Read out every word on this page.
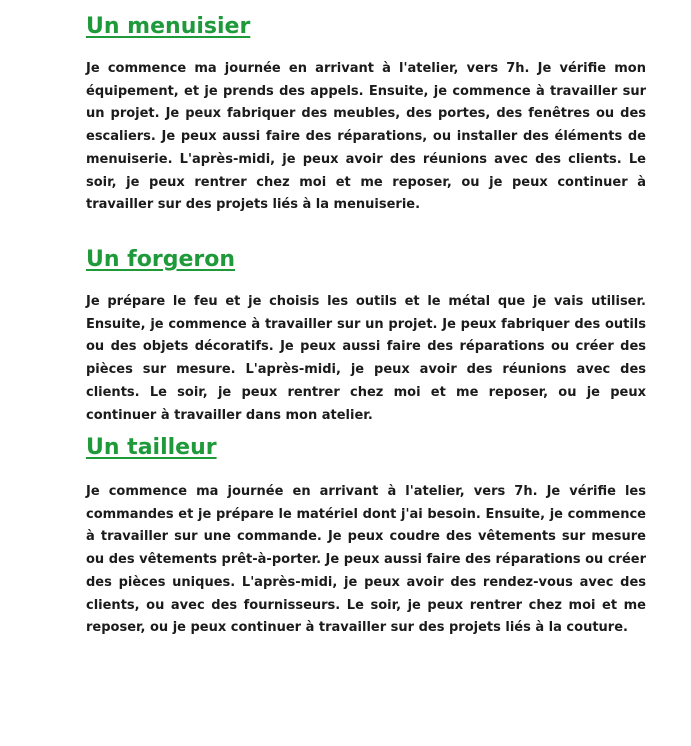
Un menuisier

Je commence ma journée en arrivant à l'atelier, vers 7h. Je vérifie mon équipement, et je prends des appels. Ensuite, je commence à travailler sur un projet. Je peux fabriquer des meubles, des portes, des fenêtres ou des escaliers. Je peux aussi faire des réparations, ou installer des éléments de menuiserie. L'après-midi, je peux avoir des réunions avec des clients. Le soir, je peux rentrer chez moi et me reposer, ou je peux continuer à travailler sur des projets liés à la menuiserie.

Un forgeron

Je prépare le feu et je choisis les outils et le métal que je vais utiliser. Ensuite, je commence à travailler sur un projet. Je peux fabriquer des outils ou des objets décoratifs. Je peux aussi faire des réparations ou créer des pièces sur mesure. L'après-midi, je peux avoir des réunions avec des clients. Le soir, je peux rentrer chez moi et me reposer, ou je peux continuer à travailler dans mon atelier.

Un tailleur

Je commence ma journée en arrivant à l'atelier, vers 7h. Je vérifie les commandes et je prépare le matériel dont j'ai besoin. Ensuite, je commence à travailler sur une commande. Je peux coudre des vêtements sur mesure ou des vêtements prêt-à-porter. Je peux aussi faire des réparations ou créer des pièces uniques. L'après-midi, je peux avoir des rendez-vous avec des clients, ou avec des fournisseurs. Le soir, je peux rentrer chez moi et me reposer, ou je peux continuer à travailler sur des projets liés à la couture.
